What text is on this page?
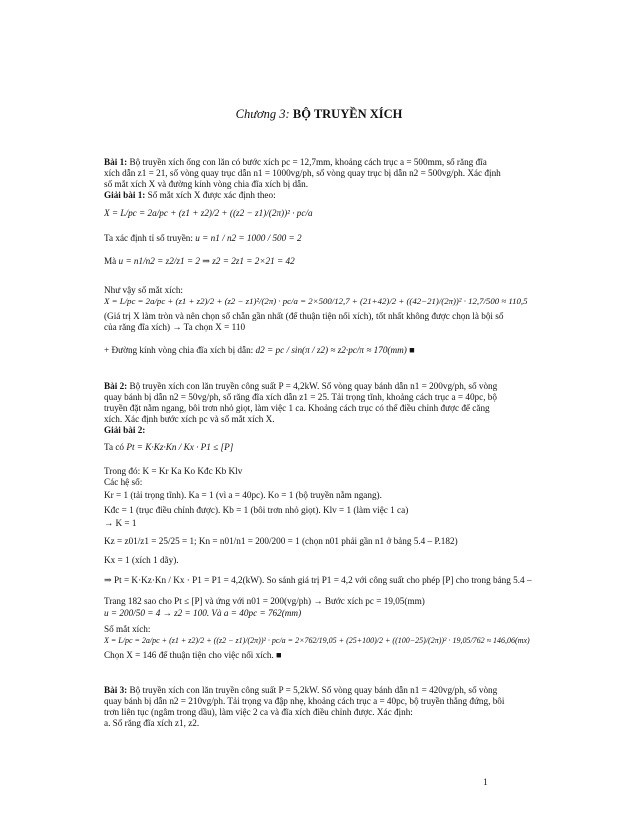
Chương 3: BỘ TRUYỀN XÍCH
Bài 1: Bộ truyền xích ống con lăn có bước xích pc = 12,7mm, khoảng cách trục a = 500mm, số răng đĩa
xích dẫn z1 = 21, số vòng quay trục dẫn n1 = 1000vg/ph, số vòng quay trục bị dẫn n2 = 500vg/ph. Xác định
số mắt xích X và đường kính vòng chia đĩa xích bị dẫn.
Giải bài 1: Số mắt xích X được xác định theo:
X = L/pc = 2a/pc + (z1 + z2)/2 + ((z2 − z1)/(2π))² · pc/a
Ta xác định tỉ số truyền: u = n1 / n2 = 1000 / 500 = 2
Mà u = n1/n2 = z2/z1 = 2 ⇒ z2 = 2z1 = 2×21 = 42
Như vậy số mắt xích:
X = L/pc = 2a/pc + (z1 + z2)/2 + (z2 − z1)²/(2π) · pc/a = 2×500/12,7 + (21+42)/2 + ((42−21)/(2π))² · 12,7/500 ≈ 110,5
(Giá trị X làm tròn và nên chọn số chẵn gần nhất (để thuận tiện nối xích), tốt nhất không được chọn là bội số
của răng đĩa xích) → Ta chọn X = 110
+ Đường kính vòng chia đĩa xích bị dẫn: d2 = pc / sin(π / z2) ≈ z2·pc/π ≈ 170(mm) ■
Bài 2: Bộ truyền xích con lăn truyền công suất P = 4,2kW. Số vòng quay bánh dẫn n1 = 200vg/ph, số vòng
quay bánh bị dẫn n2 = 50vg/ph, số răng đĩa xích dẫn z1 = 25. Tải trọng tĩnh, khoảng cách trục a = 40pc, bộ
truyền đặt nằm ngang, bôi trơn nhỏ giọt, làm việc 1 ca. Khoảng cách trục có thể điều chỉnh được để căng
xích. Xác định bước xích pc và số mắt xích X.
Giải bài 2:
Ta có Pt = K·Kz·Kn / Kx · P1 ≤ [P]
Trong đó: K = Kr Ka Ko Kđc Kb Klv
Các hệ số:
Kr = 1 (tải trọng tĩnh). Ka = 1 (vì a = 40pc). Ko = 1 (bộ truyền nằm ngang).
Kđc = 1 (trục điều chỉnh được). Kb = 1 (bôi trơn nhỏ giọt). Klv = 1 (làm việc 1 ca)
→ K = 1
Kz = z01/z1 = 25/25 = 1; Kn = n01/n1 = 200/200 = 1 (chọn n01 phải gần n1 ở bảng 5.4 – P.182)
Kx = 1 (xích 1 dãy).
⇒ Pt = K·Kz·Kn / Kx · P1 = P1 = 4,2(kW). So sánh giá trị P1 = 4,2 với công suất cho phép [P] cho trong bảng 5.4 –
Trang 182 sao cho Pt ≤ [P] và ứng với n01 = 200(vg/ph) → Bước xích pc = 19,05(mm)
u = 200/50 = 4 → z2 = 100. Và a = 40pc = 762(mm)
Số mắt xích:
X = L/pc = 2a/pc + (z1 + z2)/2 + ((z2 − z1)/(2π))² · pc/a = 2×762/19,05 + (25+100)/2 + ((100−25)/(2π))² · 19,05/762 ≈ 146,06(mx)
Chọn X = 146 để thuận tiện cho việc nối xích. ■
Bài 3: Bộ truyền xích con lăn truyền công suất P = 5,2kW. Số vòng quay bánh dẫn n1 = 420vg/ph, số vòng
quay bánh bị dẫn n2 = 210vg/ph. Tải trọng va đập nhẹ, khoảng cách trục a = 40pc, bộ truyền thẳng đứng, bôi
trơn liên tục (ngâm trong dầu), làm việc 2 ca và đĩa xích điều chỉnh được. Xác định:
a. Số răng đĩa xích z1, z2.
1
